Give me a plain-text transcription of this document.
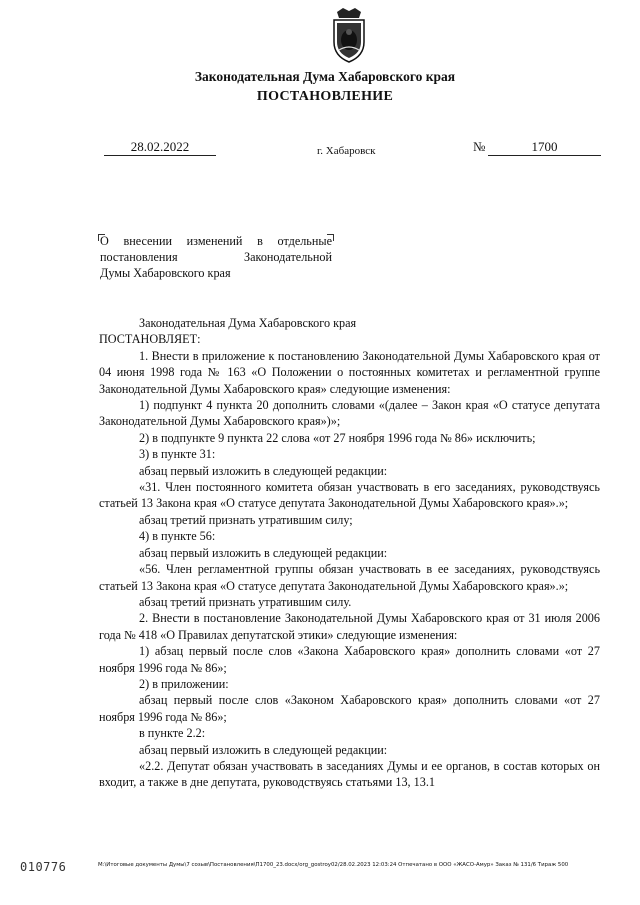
Законодательная Дума Хабаровского края
ПОСТАНОВЛЕНИЕ
28.02.2022	г. Хабаровск	№	1700
О внесении изменений в отдельные
постановления Законодательной
Думы Хабаровского края

Законодательная Дума Хабаровского края

ПОСТАНОВЛЯЕТ:

1. Внести в приложение к постановлению Законодательной Думы Хабаровского края от 04 июня 1998 года № 163 «О Положении о постоянных комитетах и регламентной группе Законодательной Думы Хабаровского края» следующие изменения:

1) подпункт 4 пункта 20 дополнить словами «(далее – Закон края «О статусе депутата Законодательной Думы Хабаровского края»)»;

2) в подпункте 9 пункта 22 слова «от 27 ноября 1996 года № 86» исключить;

3) в пункте 31:

абзац первый изложить в следующей редакции:

«31. Член постоянного комитета обязан участвовать в его заседаниях, руководствуясь статьей 13 Закона края «О статусе депутата Законодательной Думы Хабаровского края».»;

абзац третий признать утратившим силу;

4) в пункте 56:

абзац первый изложить в следующей редакции:

«56. Член регламентной группы обязан участвовать в ее заседаниях, руководствуясь статьей 13 Закона края «О статусе депутата Законодательной Думы Хабаровского края».»;

абзац третий признать утратившим силу.

2. Внести в постановление Законодательной Думы Хабаровского края от 31 июля 2006 года № 418 «О Правилах депутатской этики» следующие изменения:

1) абзац первый после слов «Закона Хабаровского края» дополнить словами «от 27 ноября 1996 года № 86»;

2) в приложении:

абзац первый после слов «Законом Хабаровского края» дополнить словами «от 27 ноября 1996 года № 86»;

в пункте 2.2:

абзац первый изложить в следующей редакции:

«2.2. Депутат обязан участвовать в заседаниях Думы и ее органов, в состав которых он входит, а также в дне депутата, руководствуясь статьями 13, 13.1

010776	M:\Итоговые документы Думы\7 созыв\Постановления\П1700_23.docx/org_gostroy02/28.02.2023 12:03:24 Отпечатано в ООО «ЖАСО-Амур» Заказ № 131/6 Тираж 500
